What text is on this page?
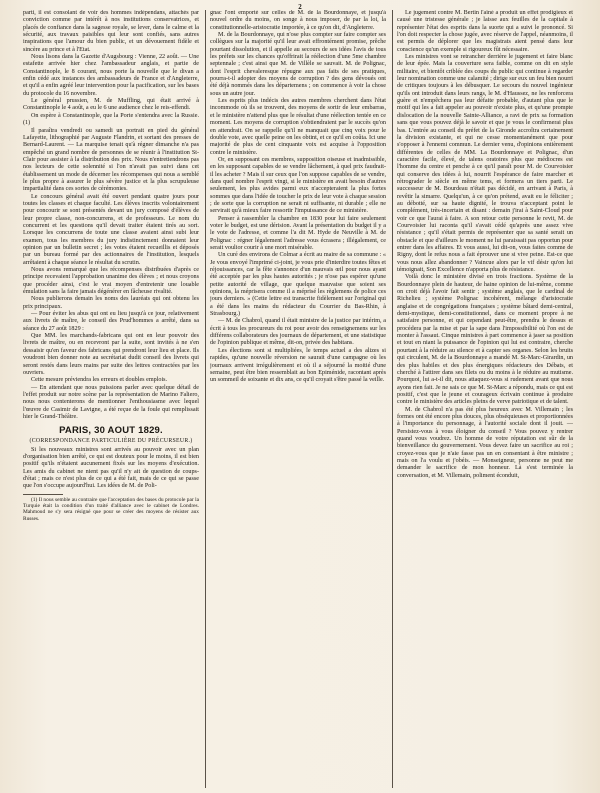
2

parti, il est consolant de voir des hommes indépendans, attachés par conviction comme par intérêt à nos institutions conservatrices, et placés de confiance dans la sagesse royale, se lever, dans le calme et la sécurité, aux travaux paisibles qui leur sont confiés, sans autres inspirations que l'amour du bien public, et un dévouement fidèle et sincère au prince et à l'Etat.

Nous lisons dans la Gazette d'Augsbourg : Vienne, 22 août. — Une estafette arrivée hier chez l'ambassadeur anglais, et partie de Constantinople, le 8 courant, nous porte la nouvelle que le divan a enfin cédé aux instances des ambassadeurs de France et d'Angleterre, et qu'il a enfin agréé leur intervention pour la pacification, sur les bases du protocole du 16 novembre.

Le général prussien, M. de Muffling, qui était arrivé à Constantinople le 4 août, a eu le 6 une audience chez le reis-effendi.

On espère à Constantinople, que la Porte s'entendra avec la Russie. (1)

Il paraîtra vendredi ou samedi un portrait en pied du général Lafayette, lithographié par Auguste Flandrin, et sortant des presses de Bernard-Laurent. — La marquise tenait qu'à régner dimanche n'a pas empêché un grand nombre de personnes de se réunir à l'institution St-Clair pour assister à la distribution des prix. Nous n'entretiendrons pas nos lecteurs de cette solennité si l'on n'avait pas suivi dans cet établissement un mode de décerner les récompenses qui nous a semblé le plus propre à assurer le plus sévère justice et la plus scrupuleuse impartialité dans ces sortes de cérémonies.

Le concours général avait été ouvert pendant quatre jours pour toutes les classes et chaque faculté. Les élèves inscrits volontairement pour concourir se sont présentés devant un jury composé d'élèves de leur propre classe, non-concurrens, et de professeurs. Le nom du concurrent et les questions qu'il devait traiter étaient tirés au sort. Lorsque les concurrens de toute une classe avaient ainsi subi leur examen, tous les membres du jury indistinctement donnaient leur opinion par un bulletin secret ; les votes étaient recueillis et déposés par un bureau formé par des actionnaires de l'institution, lesquels arrêtaient à chaque séance le résultat du scrutin.

Nous avons remarqué que les récompenses distribuées d'après ce principe recevaient l'approbation unanime des élèves ; et nous croyons que procéder ainsi, c'est le vrai moyen d'entretenir une louable émulation sans la faire jamais dégénérer en fâcheuse rivalité.

Nous publierons demain les noms des lauréats qui ont obtenu les prix principaux.

— Pour éviter les abus qui ont eu lieu jusqu'à ce jour, relativement aux livrets de maître, le conseil des Prud'hommes a arrêté, dans sa séance du 27 août 1829 :

Que MM. les marchands-fabricans qui ont en leur pouvoir des livrets de maître, ou en recevront par la suite, sont invités à ne s'en dessaisir qu'en faveur des fabricans qui prendront leur lieu et place. Ils voudront bien donner note au secrétariat dudit conseil des livrets qui seront restés dans leurs mains par suite des lettres contractées par les ouvriers.

Cette mesure préviendra les erreurs et doubles emplois.

— En attendant que nous puissions parler avec quelque détail de l'effet produit sur notre scène par la représentation de Marino Faliero, nous nous contenterons de mentionner l'enthousiasme avec lequel l'œuvre de Casimir de Lavigne, a été reçue de la foule qui remplissait hier le Grand-Théâtre.

PARIS, 30 AOUT 1829.

(CORRESPONDANCE PARTICULIÈRE DU PRÉCURSEUR.)

Si les nouveaux ministres sont arrivés au pouvoir avec un plan d'organisation bien arrêté, ce qui est douteux pour le moins, il est bien positif qu'ils n'étaient aucunement fixés sur les moyens d'exécution. Les amis du cabinet ne nient pas qu'il n'y ait de question de coups-d'état ; mais ce n'est plus de ce qui a été fait, mais de ce qui se passe que l'on s'occupe aujourd'hui. Les idées de M. de Poli-

(1) Il nous semble au contraire que l'acceptation des bases du protocole par la Turquie était la condition d'un traité d'alliance avec le cabinet de Londres. Mahmoud ne s'y sera résigné que pour se créer des moyens de résister aux Russes.

gnac l'ont emporté sur celles de M. de la Bourdonnaye, et jusqu'à nouvel ordre du moins, on songe à nous imposer, de par la loi, la constitutionnelle-aristocratie importée, à ce qu'on dit, d'Angleterre.

M. de la Bourdonnaye, qui n'ose plus compter sur faire compter ses collègues sur la majorité qu'il leur avait effrontément promise, prêche pourtant dissolution, et il appelle au secours de ses idées l'avis de tous les préfets sur les chances qu'offrirait la réélection d'une 5me chambre septennale ; c'est ainsi que M. de Villèle se sauvait. M. de Polignac, dont l'esprit chevaleresque répugne aux pas faits de ses pratiques, pourra-t-il adopter des moyens de corruption ? des gens dévoués ont été déjà nommés dans les départemens ; on commence à voir la chose sous un autre jour.

Les esprits plus indécis des autres membres cherchent dans l'état incommode où ils se trouvent, des moyens de sortir de leur embarras, et le ministère n'attend plus que le résultat d'une réélection tentée en ce moment. Les moyens de corruption s'obtiendraient par le succès qu'on en attendrait. On se rappelle qu'il ne manquait que cinq voix pour le double vote, avec quelle peine on les obtint, et ce qu'il en coûta. Ici une majorité de plus de cent cinquante voix est acquise à l'opposition contre le ministère.

Or, en supposant ces membres, supposition oiseuse et inadmissible, en les supposant capables de se vendre lâchement, à quel prix faudrait-il les acheter ? Mais il sur ceux que l'on suppose capables de se vendre, dans quel nombre l'esprit vingt, si le ministère en avait besoin d'autres seulement, les plus avides parmi eux n'accepteraient la plus fortes sommes que dans l'idée de toucher le prix de leur vote à chaque session ; de sorte que la corruption ne serait ni suffisante, ni durable ; elle ne servirait qu'à mieux faire ressortir l'impuissance de ce ministère.

Penser à rassembler la chambre en 1830 pour lui faire seulement voter le budget, est une dérision. Avant la présentation du budget il y a le vote de l'adresse, et comme l'a dit M. Hyde de Neuville à M. de Polignac : régner légalement l'adresse vous écrasera ; illégalement, ce serait voulior courir à une mort misérable.

Un curé des environs de Colmar a écrit au maire de sa commune : « Je vous envoyé l'imprimé ci-joint, je vous prie d'interdire toutes fêtes et réjouissances, car la fête s'annonce d'un mauvais œil pour nous ayant été acceptée par les plus hautes autorités ; je n'ose pas espérer qu'une petite autorité de village, que quelque mauvaise que soient ses opinions, la méprisera comme il a méprisé les règlemens de police ces jours derniers. » (Cette lettre est transcrite fidèlement sur l'original qui a été dans les mains du rédacteur du Courrier du Bas-Rhin, à Strasbourg.)

— M. de Chabrol, quand il était ministre de la justice par intérim, a écrit à tous les procureurs du roi pour avoir des renseignemens sur les différens collaborateurs des journaux de département, et une statistique de l'opinion publique et même, dit-on, privée des habitans.

Les élections sont si multipliées, le temps actuel a des alizes si rapides, qu'une nouvelle réversion ne saurait d'une campagne où les journaux arrivent irrégulièrement et où il a séjourné la moitié d'une semaine, peut être bien ressemblait au bon Epiménide, racontant après un sommeil de soixante et dix ans, ce qu'il croyait s'être passé la veille.

Le jugement contre M. Bertin l'aîné a produit un effet prodigieux et causé une tristesse générale ; je laisse aux feuilles de la capitale à représenter l'état des esprits dans la suorte qui a suivi le prononcé. Si l'on doit respecter la chose jugée, avec réserve de l'appel, néanmoins, il est permis de déplorer que les magistrats aient pensé dans leur conscience qu'un exemple si rigoureux fût nécessaire.

Les ministres vont se retrancher derrière le jugement et faire blanc de leur épée. Mais la couverture sera faible, comme on dit en style militaire, et bientôt criblée des coups du public qui continue à regarder leur nomination comme une calamité ; dirige sur eux un feu bien nourri de critiques toujours à les débusquer. Le secours du nouvel ingénieur qu'ils ont introduit dans leurs rangs, le M. d'Haussez, ne les renforcera guère et n'empêchera pas leur défaite probable, d'autant plus que le motif qui les a fait appeler au pouvoir n'existe plus, et qu'une prompte dislocation de la nouvelle Sainte-Alliance, a ravi de prix sa formation sans que vous pouvez déjà le savoir et que je vous le confirmerai plus bas. L'entrée au conseil du préfet de la Gironde accroîtra certainement la division existante, et qui ne cesse momentanément que pour s'opposer à l'ennemi commun. Le dernier venu, d'opinions entièrement différentes de celles de MM. La Bourdonnaye et Polignac, d'un caractère facile, élevé, de talens oratoires plus que médiocres est l'homme du centre et penche à ce qu'il paraît pour M. de Courvoisier qui conserve des idées à lui, nourrit l'espérance de faire marcher et rétrograder le siècle en même tems, et formera un tiers parti. Le successeur de M. Bourdeau n'était pas décidé, en arrivant à Paris, à revêtir la simarre. Quelqu'un, à ce qu'on prétend, avait eu le féliciter ; au débotté, sur sa haute dignité, le trouva n'acceptant point le complément, très-incertain et disant : demain j'irai à Saint-Cloud pour voir ce que l'aurai à faire. A son retour cette personne le revit, M. de Courvoisier lui raconta qu'il s'avait cédé qu'après une assez vive résistance ; qu'il s'était permis de représenter que sa santé serait un obstacle et que d'ailleurs le moment ne lui paraissait pas opportun pour entrer dans les affaires. Et vous aussi, lui dit-on, vous faites comme de Rigny, dont le refus nous a fait éprouver une si vive peine. Est-ce que vous nous allez abandonner ? Vaincue alors par le vif désir qu'on lui témoignait, Son Excellence n'apporta plus de résistance.

Voilà donc le ministère divisé en trois fractions. Système de la Bourdonnaye plein de hauteur, de haine opinion de lui-même, comme on croit déjà l'avoir fait sentir ; système anglais, que le cardinal de Richelieu ; système Polignac incohérent, mélange d'aristocratie anglaise et de congrégations françaises ; système bâtard demi-central, demi-mystique, demi-constitutionnel, dans ce moment propre à ne satisfaire personne, et qui cependant peut-être, prendra le dessus et procédera par la mise et par la sape dans l'impossibilité où l'on est de monter à l'assaut. Cinque ministres à part commence à jaser sa position et tout en niant la puissance de l'opinion qui lui est contraire, cherche pourtant à la réduire au silence et à capter ses organes. Selon les bruits qui circulent, M. de la Bourdonnaye a mandé M. St-Marc-Girardin, un des plus habiles et des plus énergiques rédacteurs des Débats, et cherché à l'attirer dans ses filets ou du moins à le réduire au mutisme. Pourquoi, lui a-t-il dit, nous attaquez-vous si rudement avant que nous ayons rien fait. Je ne sais ce que M. St-Marc a répondu, mais ce qui est positif, c'est que le jeune et courageux écrivain continue à produire contre le ministère des articles pleins de verve patriotique et de talent.

M. de Chabrol n'a pas été plus heureux avec M. Villemain ; les formes ont été encore plus douces, plus obséquieuses et proportionnées à l'importance du personnage, à l'autorité sociale dont il jouit. — Persistez-vous à vous éloigner du conseil ? Vous pouvez y rentrer quand vous voudrez. Un homme de votre réputation est sûr de la bienveillance du gouvernement. Vous devez faire un sacrifice au roi ; croyez-vous que je n'aie fasse pas un en consentant à être ministre ; mais on l'a voulu et j'obéis. — Monseigneur, personne ne peut me demander le sacrifice de mon honneur. Là s'est terminée la conversation, et M. Villemain, poliment éconduit,
